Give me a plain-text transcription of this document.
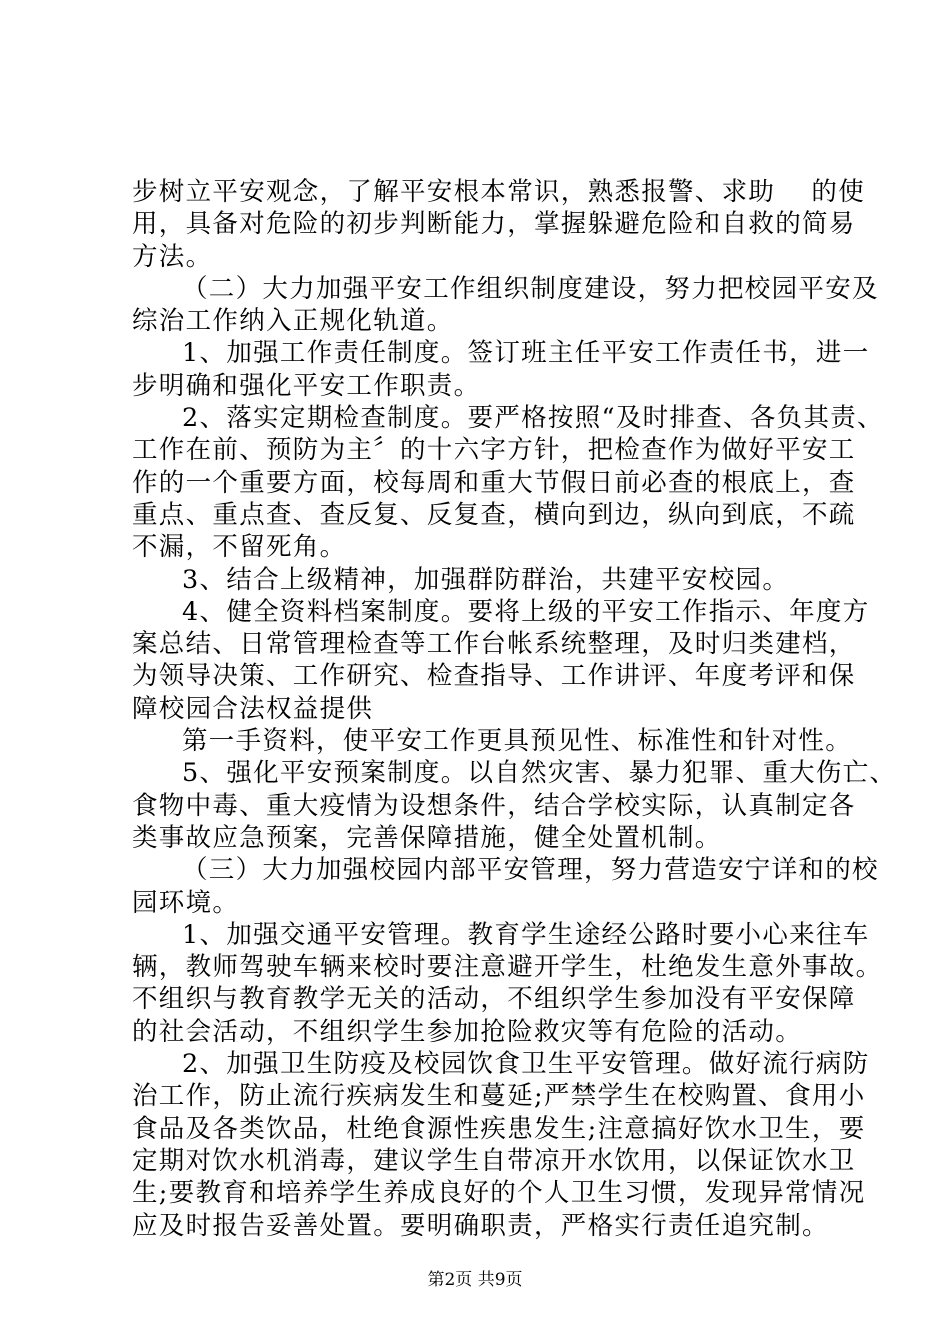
步树立平安观念，了解平安根本常识，熟悉报警、求助　 的使
用，具备对危险的初步判断能力，掌握躲避危险和自救的简易
方法。
（二）大力加强平安工作组织制度建设，努力把校园平安及
综治工作纳入正规化轨道。
1、加强工作责任制度。签订班主任平安工作责任书，进一
步明确和强化平安工作职责。
2、落实定期检查制度。要严格按照“及时排查、各负其责、
工作在前、预防为主〞的十六字方针，把检查作为做好平安工
作的一个重要方面，校每周和重大节假日前必查的根底上，查
重点、重点查、查反复、反复查，横向到边，纵向到底，不疏
不漏，不留死角。
3、结合上级精神，加强群防群治，共建平安校园。
4、健全资料档案制度。要将上级的平安工作指示、年度方
案总结、日常管理检查等工作台帐系统整理，及时归类建档，
为领导决策、工作研究、检查指导、工作讲评、年度考评和保
障校园合法权益提供
第一手资料，使平安工作更具预见性、标准性和针对性。
5、强化平安预案制度。以自然灾害、暴力犯罪、重大伤亡、
食物中毒、重大疫情为设想条件，结合学校实际，认真制定各
类事故应急预案，完善保障措施，健全处置机制。
（三）大力加强校园内部平安管理，努力营造安宁详和的校
园环境。
1、加强交通平安管理。教育学生途经公路时要小心来往车
辆，教师驾驶车辆来校时要注意避开学生，杜绝发生意外事故。
不组织与教育教学无关的活动，不组织学生参加没有平安保障
的社会活动，不组织学生参加抢险救灾等有危险的活动。
2、加强卫生防疫及校园饮食卫生平安管理。做好流行病防
治工作，防止流行疾病发生和蔓延;严禁学生在校购置、食用小
食品及各类饮品，杜绝食源性疾患发生;注意搞好饮水卫生，要
定期对饮水机消毒，建议学生自带凉开水饮用，以保证饮水卫
生;要教育和培养学生养成良好的个人卫生习惯，发现异常情况
应及时报告妥善处置。要明确职责，严格实行责任追究制。
第2页 共9页
